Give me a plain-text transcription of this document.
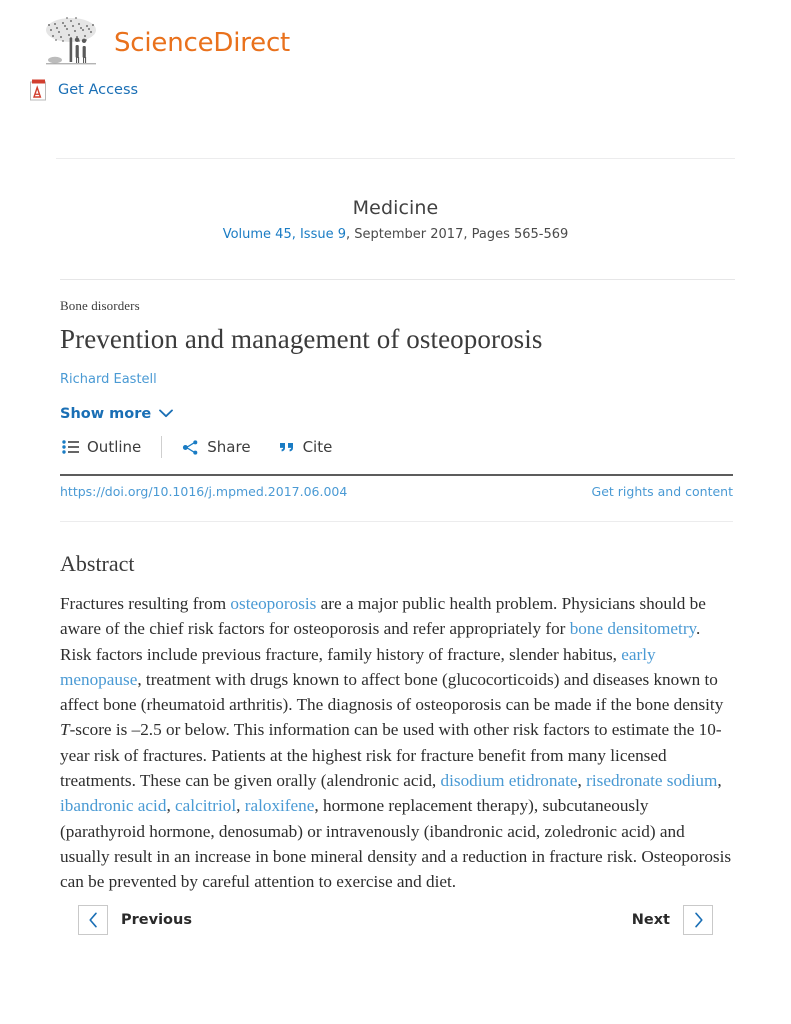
ScienceDirect
Get Access
Medicine
Volume 45, Issue 9, September 2017, Pages 565-569
Bone disorders
Prevention and management of osteoporosis
Richard Eastell
Show more
Outline	Share	Cite
https://doi.org/10.1016/j.mpmed.2017.06.004	Get rights and content
Abstract

Fractures resulting from osteoporosis are a major public health problem. Physicians should be aware of the chief risk factors for osteoporosis and refer appropriately for bone densitometry. Risk factors include previous fracture, family history of fracture, slender habitus, early menopause, treatment with drugs known to affect bone (glucocorticoids) and diseases known to affect bone (rheumatoid arthritis). The diagnosis of osteoporosis can be made if the bone density T-score is –2.5 or below. This information can be used with other risk factors to estimate the 10-year risk of fractures. Patients at the highest risk for fracture benefit from many licensed treatments. These can be given orally (alendronic acid, disodium etidronate, risedronate sodium, ibandronic acid, calcitriol, raloxifene, hormone replacement therapy), subcutaneously (parathyroid hormone, denosumab) or intravenously (ibandronic acid, zoledronic acid) and usually result in an increase in bone mineral density and a reduction in fracture risk. Osteoporosis can be prevented by careful attention to exercise and diet.

Previous	Next
